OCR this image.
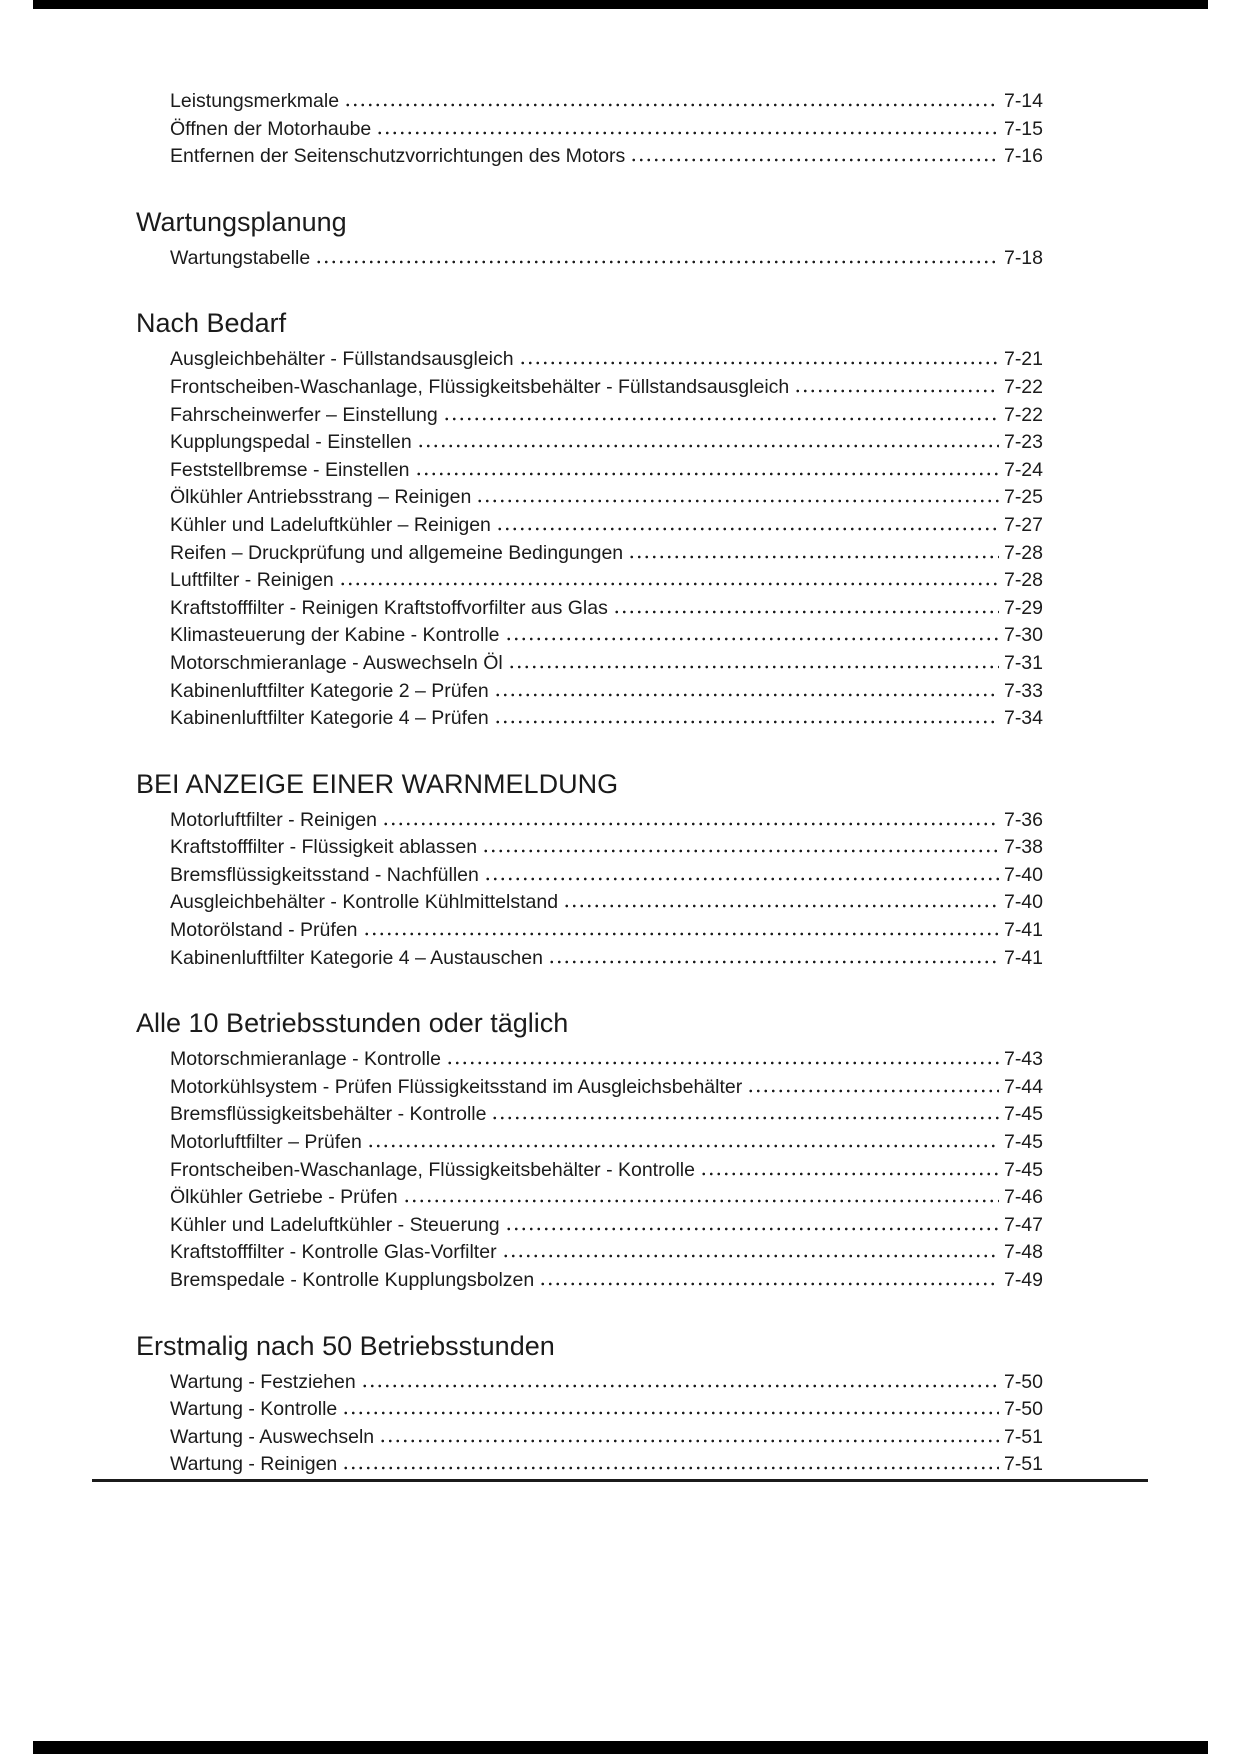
Leistungsmerkmale	7-14
Öffnen der Motorhaube	7-15
Entfernen der Seitenschutzvorrichtungen des Motors	7-16
Wartungsplanung
Wartungstabelle	7-18
Nach Bedarf
Ausgleichbehälter - Füllstandsausgleich	7-21
Frontscheiben-Waschanlage, Flüssigkeitsbehälter - Füllstandsausgleich	7-22
Fahrscheinwerfer – Einstellung	7-22
Kupplungspedal - Einstellen	7-23
Feststellbremse - Einstellen	7-24
Ölkühler Antriebsstrang – Reinigen	7-25
Kühler und Ladeluftkühler – Reinigen	7-27
Reifen – Druckprüfung und allgemeine Bedingungen	7-28
Luftfilter - Reinigen	7-28
Kraftstofffilter - Reinigen Kraftstoffvorfilter aus Glas	7-29
Klimasteuerung der Kabine - Kontrolle	7-30
Motorschmieranlage - Auswechseln Öl	7-31
Kabinenluftfilter Kategorie 2 – Prüfen	7-33
Kabinenluftfilter Kategorie 4 – Prüfen	7-34
BEI ANZEIGE EINER WARNMELDUNG
Motorluftfilter - Reinigen	7-36
Kraftstofffilter - Flüssigkeit ablassen	7-38
Bremsflüssigkeitsstand - Nachfüllen	7-40
Ausgleichbehälter - Kontrolle Kühlmittelstand	7-40
Motorölstand - Prüfen	7-41
Kabinenluftfilter Kategorie 4 – Austauschen	7-41
Alle 10 Betriebsstunden oder täglich
Motorschmieranlage - Kontrolle	7-43
Motorkühlsystem - Prüfen Flüssigkeitsstand im Ausgleichsbehälter	7-44
Bremsflüssigkeitsbehälter - Kontrolle	7-45
Motorluftfilter – Prüfen	7-45
Frontscheiben-Waschanlage, Flüssigkeitsbehälter - Kontrolle	7-45
Ölkühler Getriebe - Prüfen	7-46
Kühler und Ladeluftkühler - Steuerung	7-47
Kraftstofffilter - Kontrolle Glas-Vorfilter	7-48
Bremspedale - Kontrolle Kupplungsbolzen	7-49
Erstmalig nach 50 Betriebsstunden
Wartung - Festziehen	7-50
Wartung - Kontrolle	7-50
Wartung - Auswechseln	7-51
Wartung - Reinigen	7-51
